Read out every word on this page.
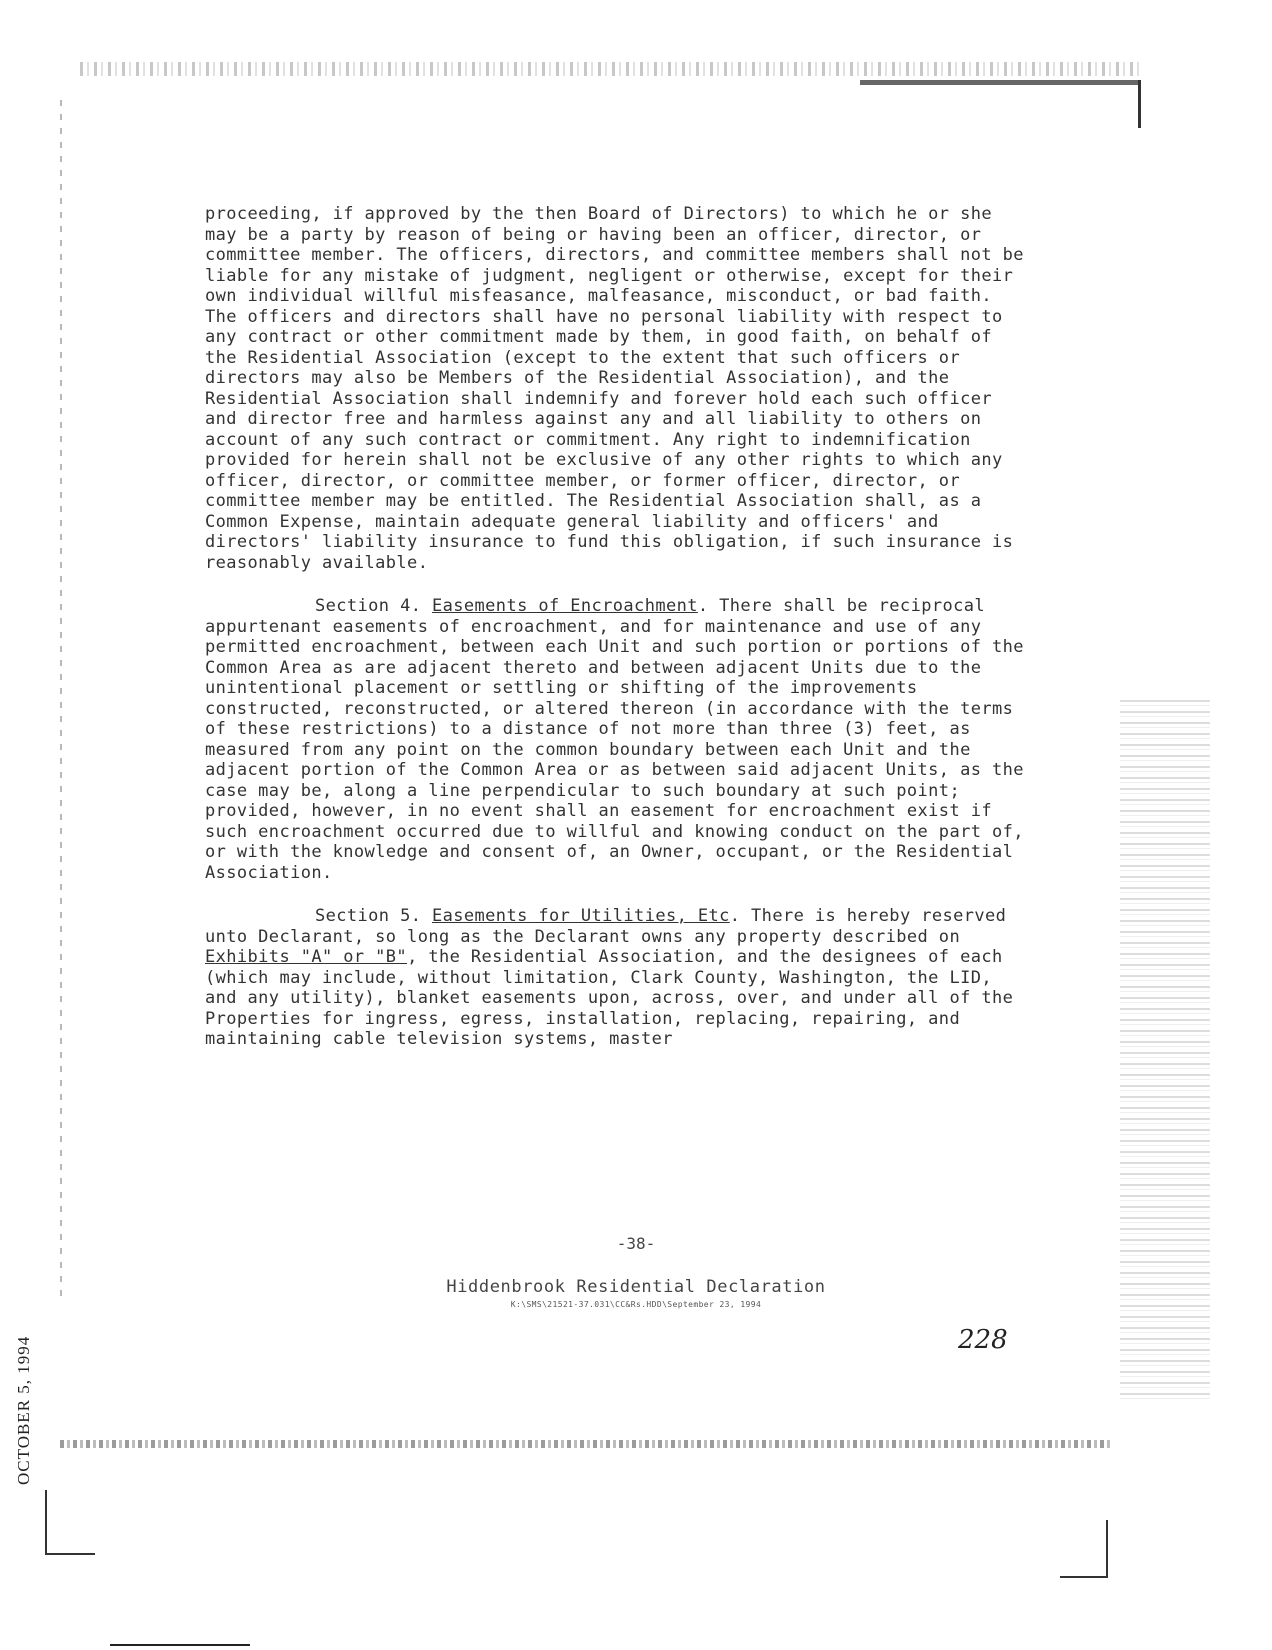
proceeding, if approved by the then Board of Directors) to which he or she may be a party by reason of being or having been an officer, director, or committee member. The officers, directors, and committee members shall not be liable for any mistake of judgment, negligent or otherwise, except for their own individual willful misfeasance, malfeasance, misconduct, or bad faith. The officers and directors shall have no personal liability with respect to any contract or other commitment made by them, in good faith, on behalf of the Residential Association (except to the extent that such officers or directors may also be Members of the Residential Association), and the Residential Association shall indemnify and forever hold each such officer and director free and harmless against any and all liability to others on account of any such contract or commitment. Any right to indemnification provided for herein shall not be exclusive of any other rights to which any officer, director, or committee member, or former officer, director, or committee member may be entitled. The Residential Association shall, as a Common Expense, maintain adequate general liability and officers' and directors' liability insurance to fund this obligation, if such insurance is reasonably available.

Section 4. Easements of Encroachment. There shall be reciprocal appurtenant easements of encroachment, and for maintenance and use of any permitted encroachment, between each Unit and such portion or portions of the Common Area as are adjacent thereto and between adjacent Units due to the unintentional placement or settling or shifting of the improvements constructed, reconstructed, or altered thereon (in accordance with the terms of these restrictions) to a distance of not more than three (3) feet, as measured from any point on the common boundary between each Unit and the adjacent portion of the Common Area or as between said adjacent Units, as the case may be, along a line perpendicular to such boundary at such point; provided, however, in no event shall an easement for encroachment exist if such encroachment occurred due to willful and knowing conduct on the part of, or with the knowledge and consent of, an Owner, occupant, or the Residential Association.

Section 5. Easements for Utilities, Etc. There is hereby reserved unto Declarant, so long as the Declarant owns any property described on Exhibits "A" or "B", the Residential Association, and the designees of each (which may include, without limitation, Clark County, Washington, the LID, and any utility), blanket easements upon, across, over, and under all of the Properties for ingress, egress, installation, replacing, repairing, and maintaining cable television systems, master

-38-
Hiddenbrook Residential Declaration
K:\SMS\21521-37.031\CC&Rs.HDD\September 23, 1994
228
OCTOBER 5, 1994
